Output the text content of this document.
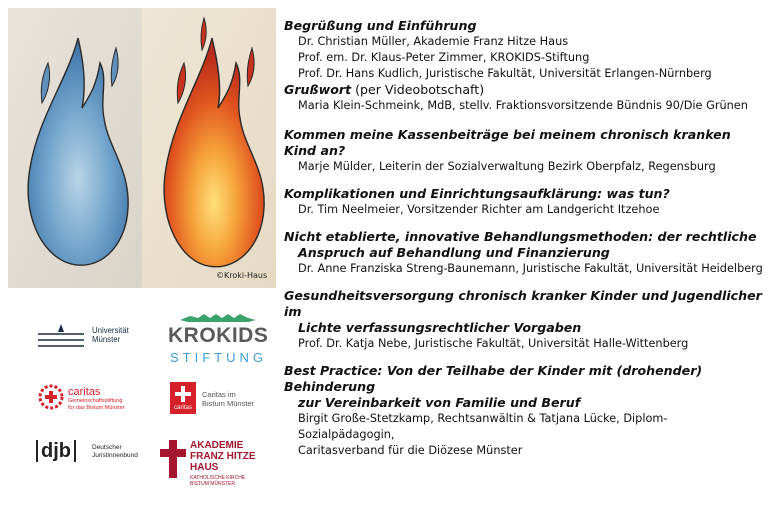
©Kroki-Haus
Universität
Münster	KROKIDS
STIFTUNG
caritas
Gemeinschaftsstiftung
für das Bistum Münster	caritas
Caritas im
Bistum Münster
djb	Deutscher
Juristinnenbund
AKADEMIE
FRANZ HITZE HAUS
KATHOLISCHE KIRCHE
BISTUM MÜNSTER
Begrüßung und Einführung
Dr. Christian Müller, Akademie Franz Hitze Haus
Prof. em. Dr. Klaus-Peter Zimmer, KROKIDS-Stiftung
Prof. Dr. Hans Kudlich, Juristische Fakultät, Universität Erlangen-Nürnberg
Grußwort (per Videobotschaft)
Maria Klein-Schmeink, MdB, stellv. Fraktionsvorsitzende Bündnis 90/Die Grünen
Kommen meine Kassenbeiträge bei meinem chronisch kranken Kind an?
Marje Mülder, Leiterin der Sozialverwaltung Bezirk Oberpfalz, Regensburg
Komplikationen und Einrichtungsaufklärung: was tun?
Dr. Tim Neelmeier, Vorsitzender Richter am Landgericht Itzehoe
Nicht etablierte, innovative Behandlungsmethoden: der rechtliche
Anspruch auf Behandlung und Finanzierung
Dr. Anne Franziska Streng-Baunemann, Juristische Fakultät, Universität Heidelberg
Gesundheitsversorgung chronisch kranker Kinder und Jugendlicher im
Lichte verfassungsrechtlicher Vorgaben
Prof. Dr. Katja Nebe, Juristische Fakultät, Universität Halle-Wittenberg
Best Practice: Von der Teilhabe der Kinder mit (drohender) Behinderung
zur Vereinbarkeit von Familie und Beruf
Birgit Große-Stetzkamp, Rechtsanwältin & Tatjana Lücke, Diplom-Sozialpädagogin,
Caritasverband für die Diözese Münster
